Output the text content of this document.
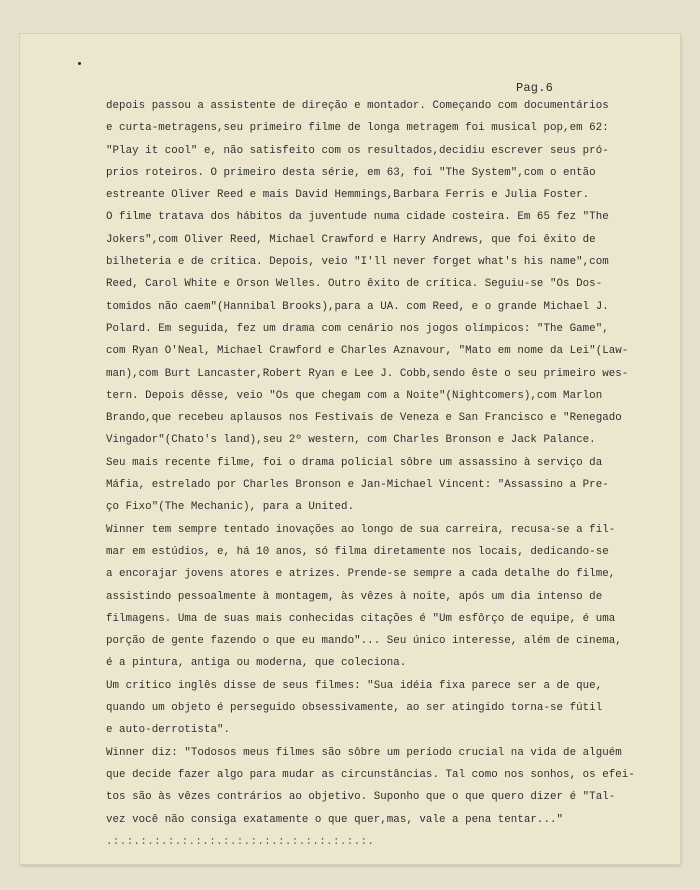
Pag.6
depois passou a assistente de direção e montador. Começando com documentários
e curta-metragens,seu primeiro filme de longa metragem foi musical pop,em 62:
"Play it cool" e, não satisfeito com os resultados,decidiu escrever seus pró-
prios roteiros. O primeiro desta série, em 63, foi "The System",com o então
estreante Oliver Reed e mais David Hemmings,Barbara Ferris e Julia Foster.
O filme tratava dos hábitos da juventude numa cidade costeira. Em 65 fez "The
Jokers",com Oliver Reed, Michael Crawford e Harry Andrews, que foi êxito de
bilheteria e de crítica. Depois, veio "I'll never forget what's his name",com
Reed, Carol White e Orson Welles. Outro êxito de crítica. Seguiu-se "Os Dos-
tomidos não caem"(Hannibal Brooks),para a UA. com Reed, e o grande Michael J.
Polard. Em seguida, fez um drama com cenário nos jogos olímpicos: "The Game",
com Ryan O'Neal, Michael Crawford e Charles Aznavour, "Mato em nome da Lei"(Law-
man),com Burt Lancaster,Robert Ryan e Lee J. Cobb,sendo êste o seu primeiro wes-
tern. Depois dêsse, veio "Os que chegam com a Noite"(Nightcomers),com Marlon
Brando,que recebeu aplausos nos Festivais de Veneza e San Francisco e "Renegado
Vingador"(Chato's land),seu 2º western, com Charles Bronson e Jack Palance.
Seu mais recente filme, foi o drama policial sôbre um assassino à serviço da
Máfia, estrelado por Charles Bronson e Jan-Michael Vincent: "Assassino a Pre-
ço Fixo"(The Mechanic), para a United.
Winner tem sempre tentado inovações ao longo de sua carreira, recusa-se a fil-
mar em estúdios, e, há 10 anos, só filma diretamente nos locais, dedicando-se
a encorajar jovens atores e atrizes. Prende-se sempre a cada detalhe do filme,
assistindo pessoalmente à montagem, às vêzes à noite, após um dia intenso de
filmagens. Uma de suas mais conhecidas citações é "Um esfôrço de equipe, é uma
porção de gente fazendo o que eu mando"... Seu único interesse, além de cinema,
é a pintura, antiga ou moderna, que coleciona.
Um crítico inglês disse de seus filmes: "Sua idéia fixa parece ser a de que,
quando um objeto é perseguido obsessivamente, ao ser atingido torna-se fútil
e auto-derrotista".
Winner diz: "Todosos meus filmes são sôbre um período crucial na vida de alguém
que decide fazer algo para mudar as circunstâncias. Tal como nos sonhos, os efei-
tos são às vêzes contrários ao objetivo. Suponho que o que quero dizer é "Tal-
vez você não consiga exatamente o que quer,mas, vale a pena tentar..."
.:.:.:.:.:.:.:.:.:.:.:.:.:.:.:.:.:.:.:.
